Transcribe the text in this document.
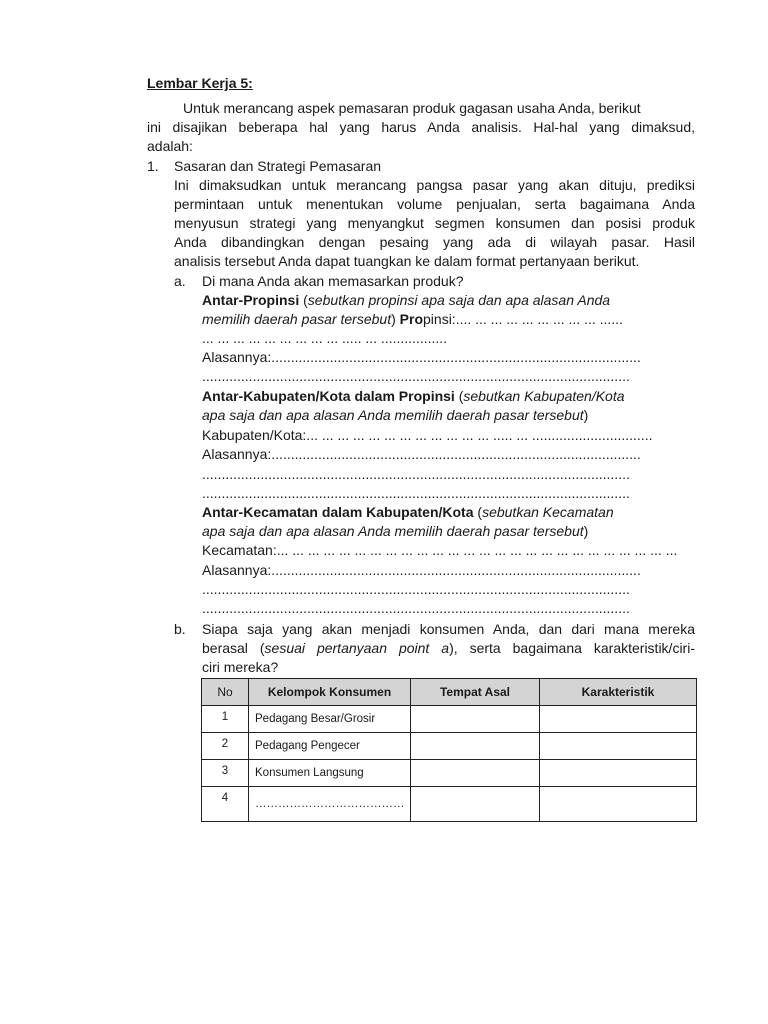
Lembar Kerja 5:
Untuk merancang aspek pemasaran produk gagasan usaha Anda, berikut
ini disajikan beberapa hal yang harus Anda analisis. Hal-hal yang dimaksud,
adalah:
1. Sasaran dan Strategi Pemasaran
Ini dimaksudkan untuk merancang pangsa pasar yang akan dituju, prediksi
permintaan untuk menentukan volume penjualan, serta bagaimana Anda
menyusun strategi yang menyangkut segmen konsumen dan posisi produk
Anda dibandingkan dengan pesaing yang ada di wilayah pasar. Hasil
analisis tersebut Anda dapat tuangkan ke dalam format pertanyaan berikut.
a. Di mana Anda akan memasarkan produk?
Antar-Propinsi (sebutkan propinsi apa saja dan apa alasan Anda
memilih daerah pasar tersebut) Propinsi:.... ... ... ... ... ... ... ... ... ......
... ... ... ... ... ... ... ... ... ..... ... .................
Alasannya:...............................................................................................
..............................................................................................................
Antar-Kabupaten/Kota dalam Propinsi (sebutkan Kabupaten/Kota
apa saja dan apa alasan Anda memilih daerah pasar tersebut)
Kabupaten/Kota:... ... ... ... ... ... ... ... ... ... ... ... ..... ... ...............................
Alasannya:...............................................................................................
..............................................................................................................
..............................................................................................................
Antar-Kecamatan dalam Kabupaten/Kota (sebutkan Kecamatan
apa saja dan apa alasan Anda memilih daerah pasar tersebut)
Kecamatan:... ... ... ... ... ... ... ... ... ... ... ... ... ... ... ... ... ... ... ... ... ... ... ... ... ...
Alasannya:...............................................................................................
..............................................................................................................
..............................................................................................................
b. Siapa saja yang akan menjadi konsumen Anda, dan dari mana mereka
berasal (sesuai pertanyaan point a), serta bagaimana karakteristik/ciri-
ciri mereka?
No	Kelompok Konsumen	Tempat Asal	Karakteristik
1	Pedagang Besar/Grosir		
2	Pedagang Pengecer		
3	Konsumen Langsung		
4	…………………………………		
